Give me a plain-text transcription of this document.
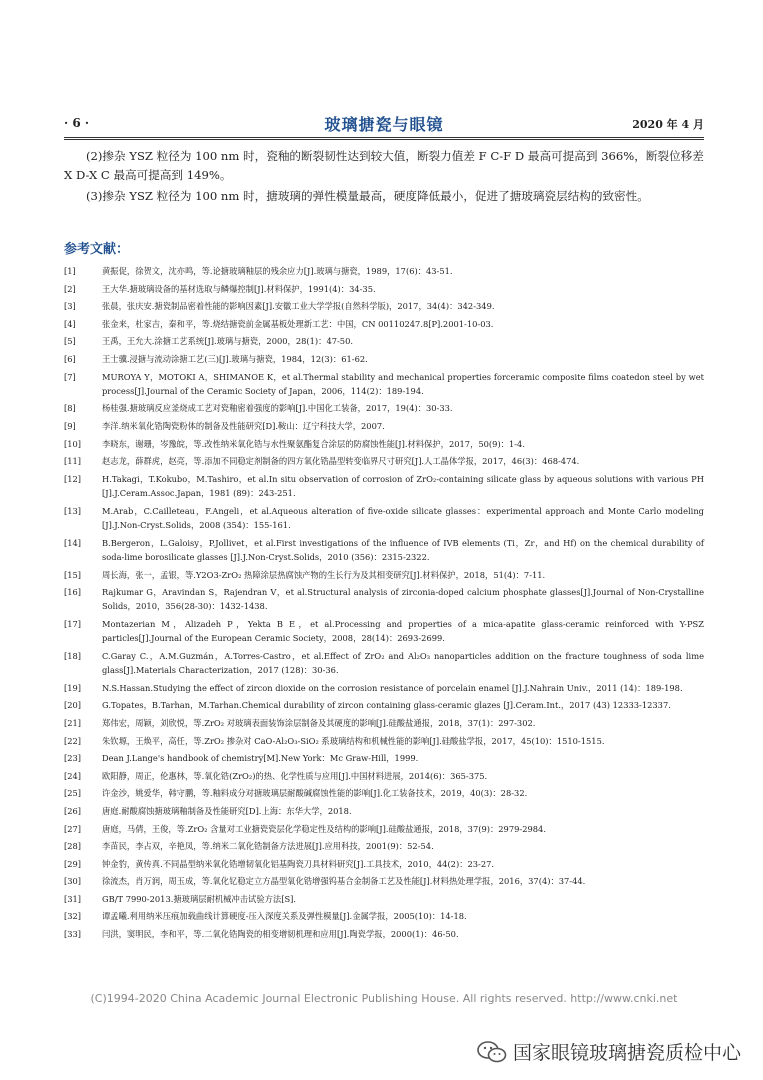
· 6 ·	玻璃搪瓷与眼镜	2020 年 4 月

(2)掺杂 YSZ 粒径为 100 nm 时，瓷釉的断裂韧性达到较大值，断裂力值差 F C-F D 最高可提高到 366%，断裂位移差 X D-X C 最高可提高到 149%。

(3)掺杂 YSZ 粒径为 100 nm 时，搪玻璃的弹性模量最高，硬度降低最小，促进了搪玻璃瓷层结构的致密性。

参考文献：
[1]	黄振促，徐贺文，沈亦鸣，等.论搪玻璃釉层的残余应力[J].玻璃与搪瓷，1989，17(6)：43-51.
[2]	王大华.搪玻璃设备的基材选取与鳞爆控制[J].材料保护，1991(4)：34-35.
[3]	张晨，张庆安.搪瓷制品密着性能的影响因素[J].安徽工业大学学报(自然科学版)，2017，34(4)：342-349.
[4]	张金来，杜家吉，秦和平，等.烧结搪瓷前金属基板处理新工艺：中国，CN 00110247.8[P].2001-10-03.
[5]	王禹，王允大.涂搪工艺系统[J].玻璃与搪瓷，2000，28(1)：47-50.
[6]	王士骥.浸搪与流动涂搪工艺(三)[J].玻璃与搪瓷，1984，12(3)：61-62.
[7]	MUROYA Y，MOTOKI A，SHIMANOE K，et al.Thermal stability and mechanical properties forceramic composite films coatedon steel by wet process[J].Journal of the Ceramic Society of Japan，2006，114(2)：189-194.
[8]	杨桂强.搪玻璃反应釜烧成工艺对瓷釉密着强度的影响[J].中国化工装备，2017，19(4)：30-33.
[9]	李洋.纳米氧化锆陶瓷粉体的制备及性能研究[D].鞍山：辽宁科技大学，2007.
[10]	李晓东，谢珊，岑豫皖，等.改性纳米氧化锆与水性聚氨酯复合涂层的防腐蚀性能[J].材料保护，2017，50(9)：1-4.
[11]	赵志龙，薛群虎，赵亮，等.添加不同稳定剂制备的四方氧化锆晶型转变临界尺寸研究[J].人工晶体学报，2017，46(3)：468-474.
[12]	H.Takagi，T.Kokubo，M.Tashiro，et al.In situ observation of corrosion of ZrO₂-containing silicate glass by aqueous solutions with various PH [J].J.Ceram.Assoc.Japan，1981 (89)：243-251.
[13]	M.Arab，C.Cailleteau，F.Angeli，et al.Aqueous alteration of five-oxide silicate glasses：experimental approach and Monte Carlo modeling [J].J.Non-Cryst.Solids，2008 (354)：155-161.
[14]	B.Bergeron，L.Galoisy，P.Jollivet，et al.First investigations of the influence of IVB elements (Ti，Zr，and Hf) on the chemical durability of soda-lime borosilicate glasses [J].J.Non-Cryst.Solids，2010 (356)：2315-2322.
[15]	周长海，张一，孟银，等.Y2O3-ZrO₂ 热障涂层热腐蚀产物的生长行为及其相变研究[J].材料保护，2018，51(4)：7-11.
[16]	Rajkumar G，Aravindan S，Rajendran V，et al.Structural analysis of zirconia-doped calcium phosphate glasses[J].Journal of Non-Crystalline Solids，2010，356(28-30)：1432-1438.
[17]	Montazerian M，Alizadeh P，Yekta B E，et al.Processing and properties of a mica-apatite glass-ceramic reinforced with Y-PSZ particles[J].Journal of the European Ceramic Society，2008，28(14)：2693-2699.
[18]	C.Garay C.，A.M.Guzmán，A.Torres-Castro，et al.Effect of ZrO₂ and Al₂O₃ nanoparticles addition on the fracture toughness of soda lime glass[J].Materials Characterization，2017 (128)：30-36.
[19]	N.S.Hassan.Studying the effect of zircon dioxide on the corrosion resistance of porcelain enamel [J].J.Nahrain Univ.，2011 (14)：189-198.
[20]	G.Topates，B.Tarhan，M.Tarhan.Chemical durability of zircon containing glass-ceramic glazes [J].Ceram.Int.，2017 (43) 12333-12337.
[21]	郑伟宏，周颖，刘欣悦，等.ZrO₂ 对玻璃表面装饰涂层制备及其硬度的影响[J].硅酸盐通报，2018，37(1)：297-302.
[22]	朱钦塬，王焕平，高任，等.ZrO₂ 掺杂对 CaO-Al₂O₃-SiO₂ 系玻璃结构和机械性能的影响[J].硅酸盐学报，2017，45(10)：1510-1515.
[23]	Dean J.Lange's handbook of chemistry[M].New York：Mc Graw-Hill，1999.
[24]	欧阳静，周正，伦惠林，等.氧化锆(ZrO₂)的热、化学性质与应用[J].中国材料进展，2014(6)：365-375.
[25]	许金沙，姚爱华，韩守鹏，等.釉料成分对搪玻璃层耐酸碱腐蚀性能的影响[J].化工装备技术，2019，40(3)：28-32.
[26]	唐庭.耐酸腐蚀搪玻璃釉制备及性能研究[D].上海：东华大学，2018.
[27]	唐庭，马倩，王俊，等.ZrO₂ 含量对工业搪瓷瓷层化学稳定性及结构的影响[J].硅酸盐通报，2018，37(9)：2979-2984.
[28]	李苗民，李占双，辛艳凤，等.纳米二氧化锆制备方法进展[J].应用科技，2001(9)：52-54.
[29]	钟金豹，黄传真.不同晶型纳米氧化锆增韧氧化铝基陶瓷刀具材料研究[J].工具技术，2010，44(2)：23-27.
[30]	徐流杰，肖万润，周玉成，等.氧化钇稳定立方晶型氧化锆增强钨基合金制备工艺及性能[J].材料热处理学报，2016，37(4)：37-44.
[31]	GB/T 7990-2013.搪玻璃层耐机械冲击试验方法[S].
[32]	谭孟曦.利用纳米压痕加载曲线计算硬度-压入深度关系及弹性模量[J].金属学报，2005(10)：14-18.
[33]	闫洪，窦明民，李和平，等.二氧化锆陶瓷的相变增韧机理和应用[J].陶瓷学报，2000(1)：46-50.
(C)1994-2020 China Academic Journal Electronic Publishing House. All rights reserved. http://www.cnki.net
国家眼镜玻璃搪瓷质检中心
